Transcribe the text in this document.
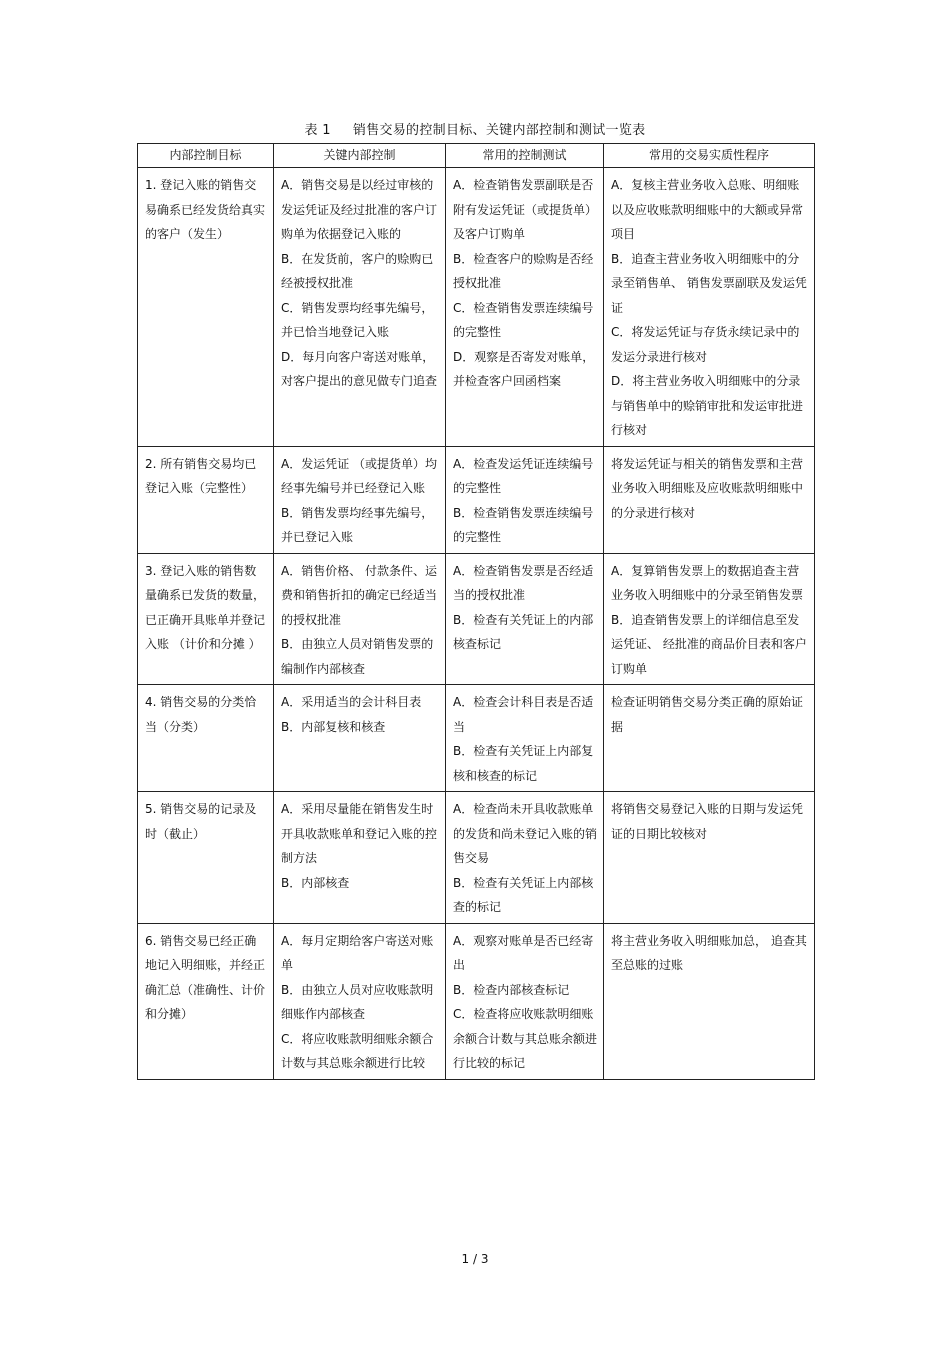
表 1 销售交易的控制目标、关键内部控制和测试一览表
内部控制目标	关键内部控制	常用的控制测试	常用的交易实质性程序

1. 登记入账的销售交易确系已经发货给真实的客户（发生）	A．销售交易是以经过审核的发运凭证及经过批准的客户订购单为依据登记入账的
B．在发货前，客户的赊购已经被授权批准
C．销售发票均经事先编号，并已恰当地登记入账
D．每月向客户寄送对账单，对客户提出的意见做专门追查	A．检查销售发票副联是否附有发运凭证（或提货单）及客户订购单
B．检查客户的赊购是否经授权批准
C．检查销售发票连续编号的完整性
D．观察是否寄发对账单，并检查客户回函档案	A．复核主营业务收入总账、明细账以及应收账款明细账中的大额或异常项目
B．追查主营业务收入明细账中的分录至销售单、 销售发票副联及发运凭证
C．将发运凭证与存货永续记录中的发运分录进行核对
D．将主营业务收入明细账中的分录与销售单中的赊销审批和发运审批进行核对

2. 所有销售交易均已登记入账（完整性）	A．发运凭证 （或提货单）均经事先编号并已经登记入账
B．销售发票均经事先编号，并已登记入账	A．检查发运凭证连续编号的完整性
B．检查销售发票连续编号的完整性	将发运凭证与相关的销售发票和主营业务收入明细账及应收账款明细账中的分录进行核对

3. 登记入账的销售数量确系已发货的数量，已正确开具账单并登记入账 （计价和分摊 ）	A．销售价格、 付款条件、运费和销售折扣的确定已经适当的授权批准
B．由独立人员对销售发票的编制作内部核查	A．检查销售发票是否经适当的授权批准
B．检查有关凭证上的内部核查标记	A．复算销售发票上的数据追查主营业务收入明细账中的分录至销售发票
B．追查销售发票上的详细信息至发运凭证、 经批准的商品价目表和客户订购单

4. 销售交易的分类恰当（分类）	A．采用适当的会计科目表
B．内部复核和核查	A．检查会计科目表是否适当
B．检查有关凭证上内部复核和核查的标记	检查证明销售交易分类正确的原始证据

5. 销售交易的记录及时（截止）	A．采用尽量能在销售发生时开具收款账单和登记入账的控制方法
B．内部核查	A．检查尚未开具收款账单的发货和尚未登记入账的销售交易
B．检查有关凭证上内部核查的标记	将销售交易登记入账的日期与发运凭证的日期比较核对

6. 销售交易已经正确地记入明细账，并经正确汇总（准确性、计价和分摊）	A．每月定期给客户寄送对账单
B．由独立人员对应收账款明细账作内部核查
C．将应收账款明细账余额合计数与其总账余额进行比较	A．观察对账单是否已经寄出
B．检查内部核查标记
C．检查将应收账款明细账余额合计数与其总账余额进行比较的标记	将主营业务收入明细账加总， 追查其至总账的过账
1 / 3
